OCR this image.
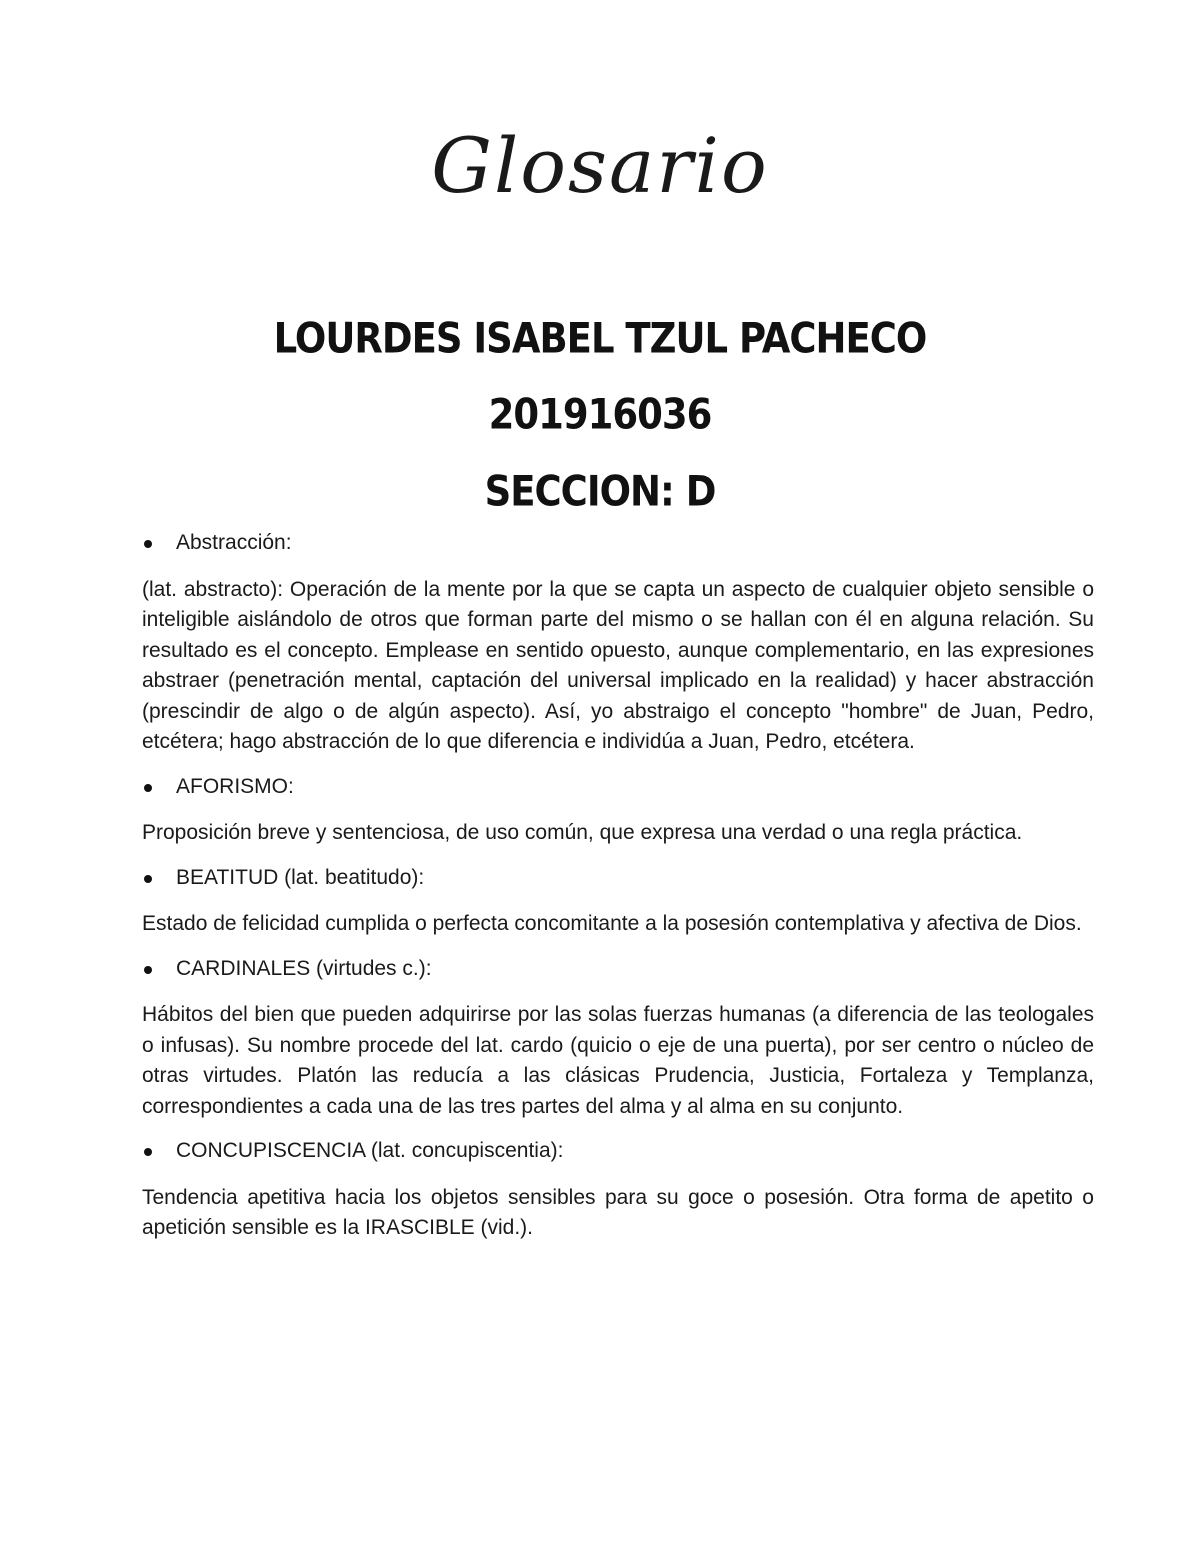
Glosario
LOURDES ISABEL TZUL PACHECO
201916036
SECCION: D
Abstracción:

(lat. abstracto): Operación de la mente por la que se capta un aspecto de cualquier objeto sensible o inteligible aislándolo de otros que forman parte del mismo o se hallan con él en alguna relación. Su resultado es el concepto. Emplease en sentido opuesto, aunque complementario, en las expresiones abstraer (penetración mental, captación del universal implicado en la realidad) y hacer abstracción (prescindir de algo o de algún aspecto). Así, yo abstraigo el concepto "hombre" de Juan, Pedro, etcétera; hago abstracción de lo que diferencia e individúa a Juan, Pedro, etcétera.

AFORISMO:

Proposición breve y sentenciosa, de uso común, que expresa una verdad o una regla práctica.

BEATITUD (lat. beatitudo):

Estado de felicidad cumplida o perfecta concomitante a la posesión contemplativa y afectiva de Dios.

CARDINALES (virtudes c.):

Hábitos del bien que pueden adquirirse por las solas fuerzas humanas (a diferencia de las teologales o infusas). Su nombre procede del lat. cardo (quicio o eje de una puerta), por ser centro o núcleo de otras virtudes. Platón las reducía a las clásicas Prudencia, Justicia, Fortaleza y Templanza, correspondientes a cada una de las tres partes del alma y al alma en su conjunto.

CONCUPISCENCIA (lat. concupiscentia):

Tendencia apetitiva hacia los objetos sensibles para su goce o posesión. Otra forma de apetito o apetición sensible es la IRASCIBLE (vid.).
